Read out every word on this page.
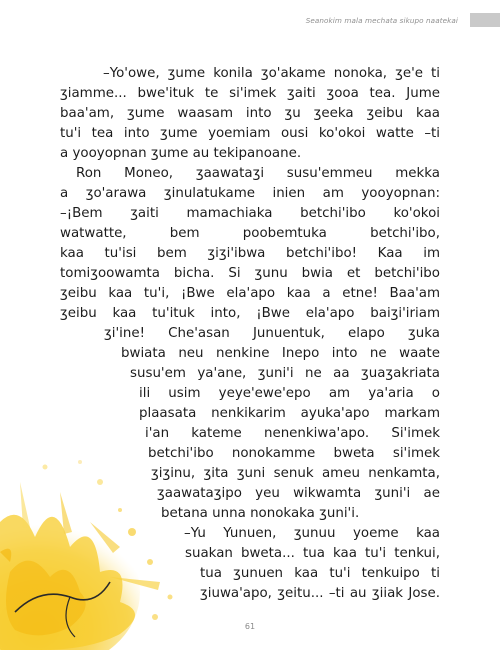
Seanokim mala mechata sikupo naatekai
–Yo'owe, ʒume konila ʒo'akame nonoka, ʒe'e ti
ʒiamme... bwe'ituk te si'imek ʒaiti ʒooa tea. Jume
baa'am, ʒume waasam into ʒu ʒeeka ʒeibu kaa
tu'i tea into ʒume yoemiam ousi ko'okoi watte –ti
a yooyopnan ʒume au tekipanoane.
Ron Moneo, ʒaawataʒi susu'emmeu mekka
a ʒo'arawa ʒinulatukame inien am yooyopnan:
–¡Bem ʒaiti mamachiaka betchi'ibo ko'okoi
watwatte, bem poobemtuka betchi'ibo,
kaa tu'isi bem ʒiʒi'ibwa betchi'ibo! Kaa im
tomiʒoowamta bicha. Si ʒunu bwia et betchi'ibo
ʒeibu kaa tu'i, ¡Bwe ela'apo kaa a etne! Baa'am
ʒeibu kaa tu'ituk into, ¡Bwe ela'apo baiʒi'iriam
ʒi'ine! Che'asan Junuentuk, elapo ʒuka
bwiata neu nenkine Inepo into ne waate
susu'em ya'ane, ʒuni'i ne aa ʒuaʒakriata
ili usim yeye'ewe'epo am ya'aria o
plaasata nenkikarim ayuka'apo markam
i'an kateme nenenkiwa'apo. Si'imek
betchi'ibo nonokamme bweta si'imek
ʒiʒinu, ʒita ʒuni senuk ameu nenkamta,
ʒaawataʒipo yeu wikwamta ʒuni'i ae
betana unna nonokaka ʒuni'i.
–Yu Yunuen, ʒunuu yoeme kaa
suakan bweta... tua kaa tu'i tenkui,
tua ʒunuen kaa tu'i tenkuipo ti
ʒiuwa'apo, ʒeitu... –ti au ʒiiak Jose.
61
